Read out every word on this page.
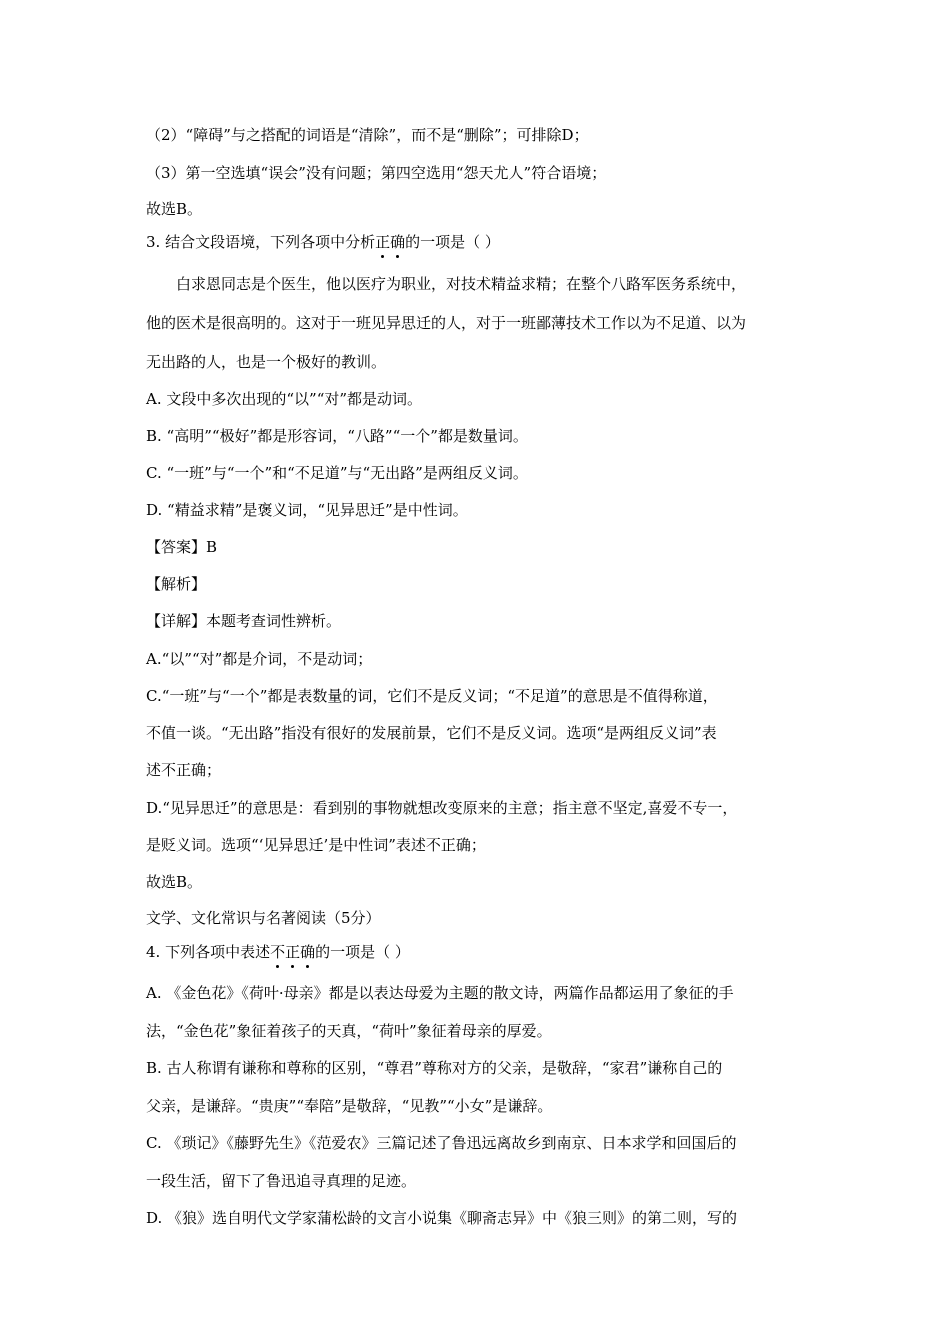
（2）“障碍”与之搭配的词语是“清除”，而不是“删除”；可排除D；
（3）第一空选填“误会”没有问题；第四空选用“怨天尤人”符合语境；
故选B。
3. 结合文段语境，下列各项中分析正确的一项是（ ）
白求恩同志是个医生，他以医疗为职业，对技术精益求精；在整个八路军医务系统中，
他的医术是很高明的。这对于一班见异思迁的人，对于一班鄙薄技术工作以为不足道、以为
无出路的人，也是一个极好的教训。
A. 文段中多次出现的“以”“对”都是动词。
B. “高明”“极好”都是形容词，“八路”“一个”都是数量词。
C. “一班”与“一个”和“不足道”与“无出路”是两组反义词。
D. “精益求精”是褒义词，“见异思迁”是中性词。
【答案】B
【解析】
【详解】本题考查词性辨析。
A.“以”“对”都是介词，不是动词；
C.“一班”与“一个”都是表数量的词，它们不是反义词；“不足道”的意思是不值得称道，
不值一谈。“无出路”指没有很好的发展前景，它们不是反义词。选项“是两组反义词”表
述不正确；
D.“见异思迁”的意思是：看到别的事物就想改变原来的主意；指主意不坚定,喜爱不专一，
是贬义词。选项“‘见异思迁’是中性词”表述不正确；
故选B。
文学、文化常识与名著阅读（5分）
4. 下列各项中表述不正确的一项是（ ）
A. 《金色花》《荷叶·母亲》都是以表达母爱为主题的散文诗，两篇作品都运用了象征的手
法，“金色花”象征着孩子的天真，“荷叶”象征着母亲的厚爱。
B. 古人称谓有谦称和尊称的区别，“尊君”尊称对方的父亲，是敬辞，“家君”谦称自己的
父亲，是谦辞。“贵庚”“奉陪”是敬辞，“见教”“小女”是谦辞。
C. 《琐记》《藤野先生》《范爱农》三篇记述了鲁迅远离故乡到南京、日本求学和回国后的
一段生活，留下了鲁迅追寻真理的足迹。
D. 《狼》选自明代文学家蒲松龄的文言小说集《聊斋志异》中《狼三则》的第二则，写的
